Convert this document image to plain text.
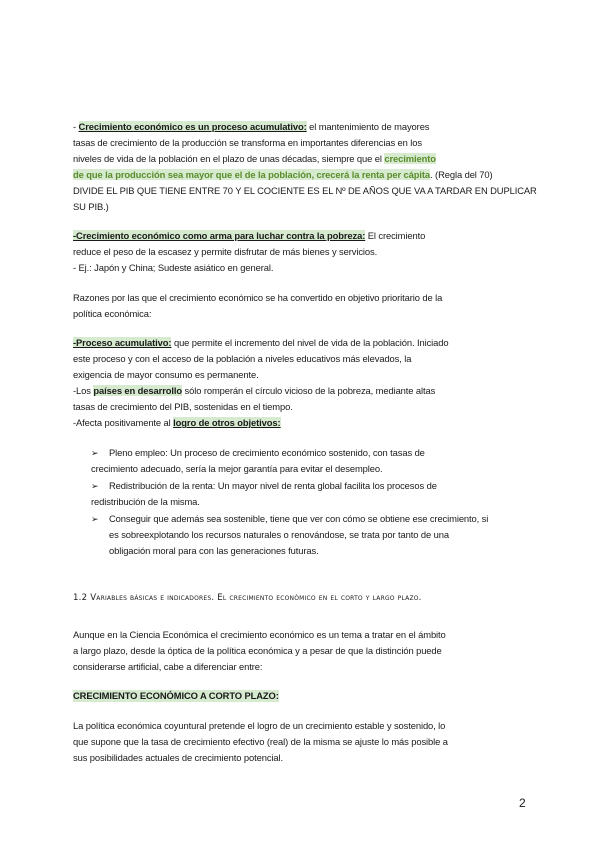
- Crecimiento económico es un proceso acumulativo: el mantenimiento de mayores
tasas de crecimiento de la producción se transforma en importantes diferencias en los
niveles de vida de la población en el plazo de unas décadas, siempre que el crecimiento
de que la producción sea mayor que el de la población, crecerá la renta per cápita. (Regla del 70)
DIVIDE EL PIB QUE TIENE ENTRE 70 Y EL COCIENTE ES EL Nº DE AÑOS QUE VA A TARDAR EN DUPLICAR
SU PIB.)
-Crecimiento económico como arma para luchar contra la pobreza: El crecimiento
reduce el peso de la escasez y permite disfrutar de más bienes y servicios.
- Ej.: Japón y China; Sudeste asiático en general.
Razones por las que el crecimiento económico se ha convertido en objetivo prioritario de la
política económica:
-Proceso acumulativo: que permite el incremento del nivel de vida de la población. Iniciado
este proceso y con el acceso de la población a niveles educativos más elevados, la
exigencia de mayor consumo es permanente.
-Los países en desarrollo sólo romperán el círculo vicioso de la pobreza, mediante altas
tasas de crecimiento del PIB, sostenidas en el tiempo.
-Afecta positivamente al logro de otros objetivos:
➢ Pleno empleo: Un proceso de crecimiento económico sostenido, con tasas de
crecimiento adecuado, sería la mejor garantía para evitar el desempleo.
➢ Redistribución de la renta: Un mayor nivel de renta global facilita los procesos de
redistribución de la misma.
➢ Conseguir que además sea sostenible, tiene que ver con cómo se obtiene ese crecimiento, si
es sobreexplotando los recursos naturales o renovándose, se trata por tanto de una
obligación moral para con las generaciones futuras.
1.2 Variables básicas e indicadores. El crecimiento económico en el corto y largo plazo.
Aunque en la Ciencia Económica el crecimiento económico es un tema a tratar en el ámbito
a largo plazo, desde la óptica de la política económica y a pesar de que la distinción puede
considerarse artificial, cabe a diferenciar entre:
CRECIMIENTO ECONÓMICO A CORTO PLAZO:
La política económica coyuntural pretende el logro de un crecimiento estable y sostenido, lo
que supone que la tasa de crecimiento efectivo (real) de la misma se ajuste lo más posible a
sus posibilidades actuales de crecimiento potencial.
2
